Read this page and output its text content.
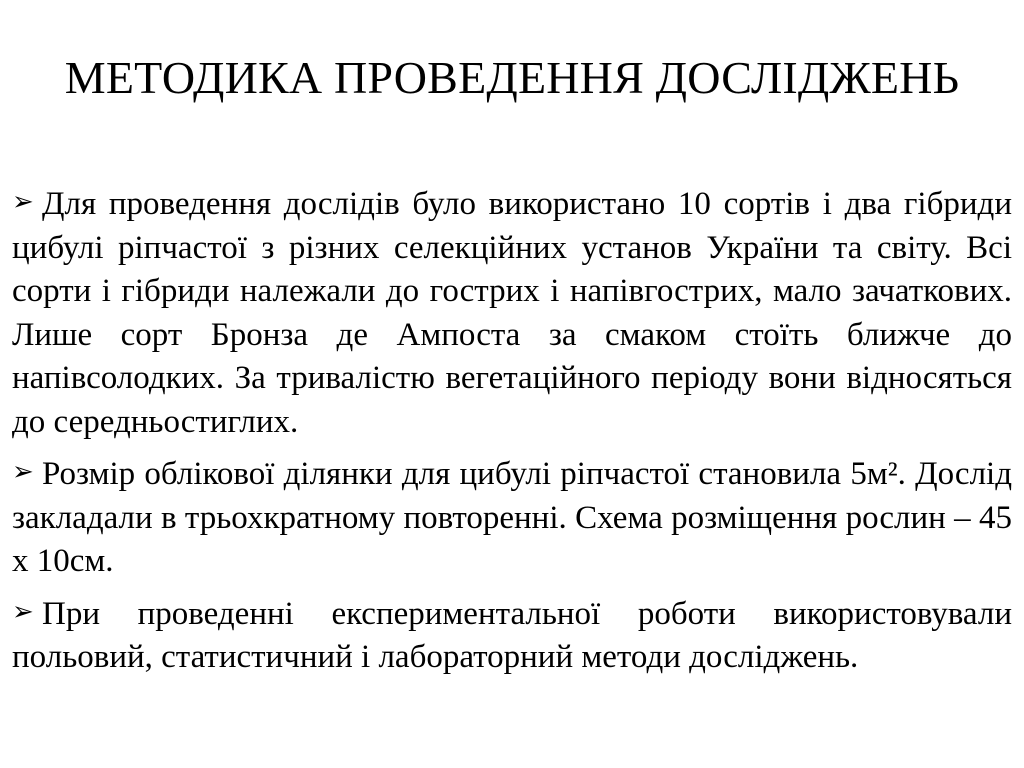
МЕТОДИКА ПРОВЕДЕННЯ ДОСЛІДЖЕНЬ
➢ Для проведення дослідів було використано 10 сортів і два гібриди цибулі ріпчастої з різних селекційних установ України та світу. Всі сорти і гібриди належали до гострих і напівгострих, мало зачаткових. Лише сорт Бронза де Ампоста за смаком стоїть ближче до напівсолодких. За тривалістю вегетаційного періоду вони відносяться до середньостиглих.
➢ Розмір облікової ділянки для цибулі ріпчастої становила 5м². Дослід закладали в трьохкратному повторенні. Схема розміщення рослин – 45 х 10см.
➢ При проведенні експериментальної роботи використовували польовий, статистичний і лабораторний методи досліджень.
